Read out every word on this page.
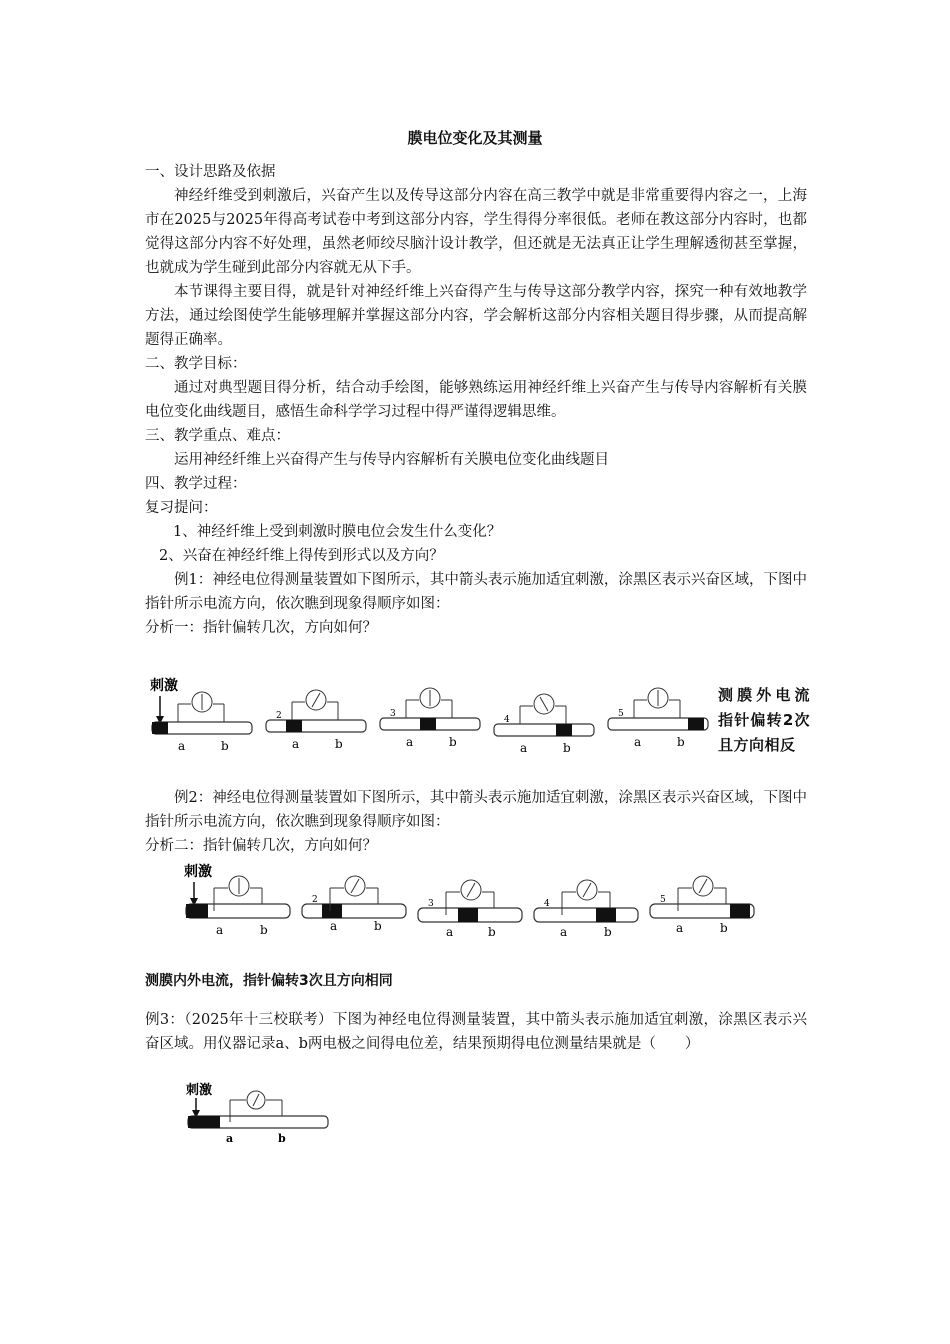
膜电位变化及其测量

一、设计思路及依据

神经纤维受到刺激后，兴奋产生以及传导这部分内容在高三教学中就是非常重要得内容之一，上海市在2025与2025年得高考试卷中考到这部分内容，学生得得分率很低。老师在教这部分内容时，也都觉得这部分内容不好处理，虽然老师绞尽脑汁设计教学，但还就是无法真正让学生理解透彻甚至掌握，也就成为学生碰到此部分内容就无从下手。

本节课得主要目得，就是针对神经纤维上兴奋得产生与传导这部分教学内容，探究一种有效地教学方法，通过绘图使学生能够理解并掌握这部分内容，学会解析这部分内容相关题目得步骤，从而提高解题得正确率。

二、教学目标：

通过对典型题目得分析，结合动手绘图，能够熟练运用神经纤维上兴奋产生与传导内容解析有关膜电位变化曲线题目，感悟生命科学学习过程中得严谨得逻辑思维。

三、教学重点、难点：

运用神经纤维上兴奋得产生与传导内容解析有关膜电位变化曲线题目

四、教学过程：

复习提问：

1、神经纤维上受到刺激时膜电位会发生什么变化？

2、兴奋在神经纤维上得传到形式以及方向？

例1：神经电位得测量装置如下图所示，其中箭头表示施加适宜刺激，涂黑区表示兴奋区域，下图中指针所示电流方向，依次瞧到现象得顺序如图：

分析一：指针偏转几次，方向如何？

刺激
a	b
2
a	b
3
a	b
4
a	b
5
a	b
测膜外电流指针偏转2次且方向相反

例2：神经电位得测量装置如下图所示，其中箭头表示施加适宜刺激，涂黑区表示兴奋区域，下图中指针所示电流方向，依次瞧到现象得顺序如图：

分析二：指针偏转几次，方向如何？

刺激
a	b
2
a	b
3
a	b
4
a	b
5
a	b
测膜内外电流，指针偏转3次且方向相同

例3：（2025年十三校联考）下图为神经电位得测量装置，其中箭头表示施加适宜刺激，涂黑区表示兴奋区域。用仪器记录a、b两电极之间得电位差，结果预期得电位测量结果就是（　　）

刺激
a	b
